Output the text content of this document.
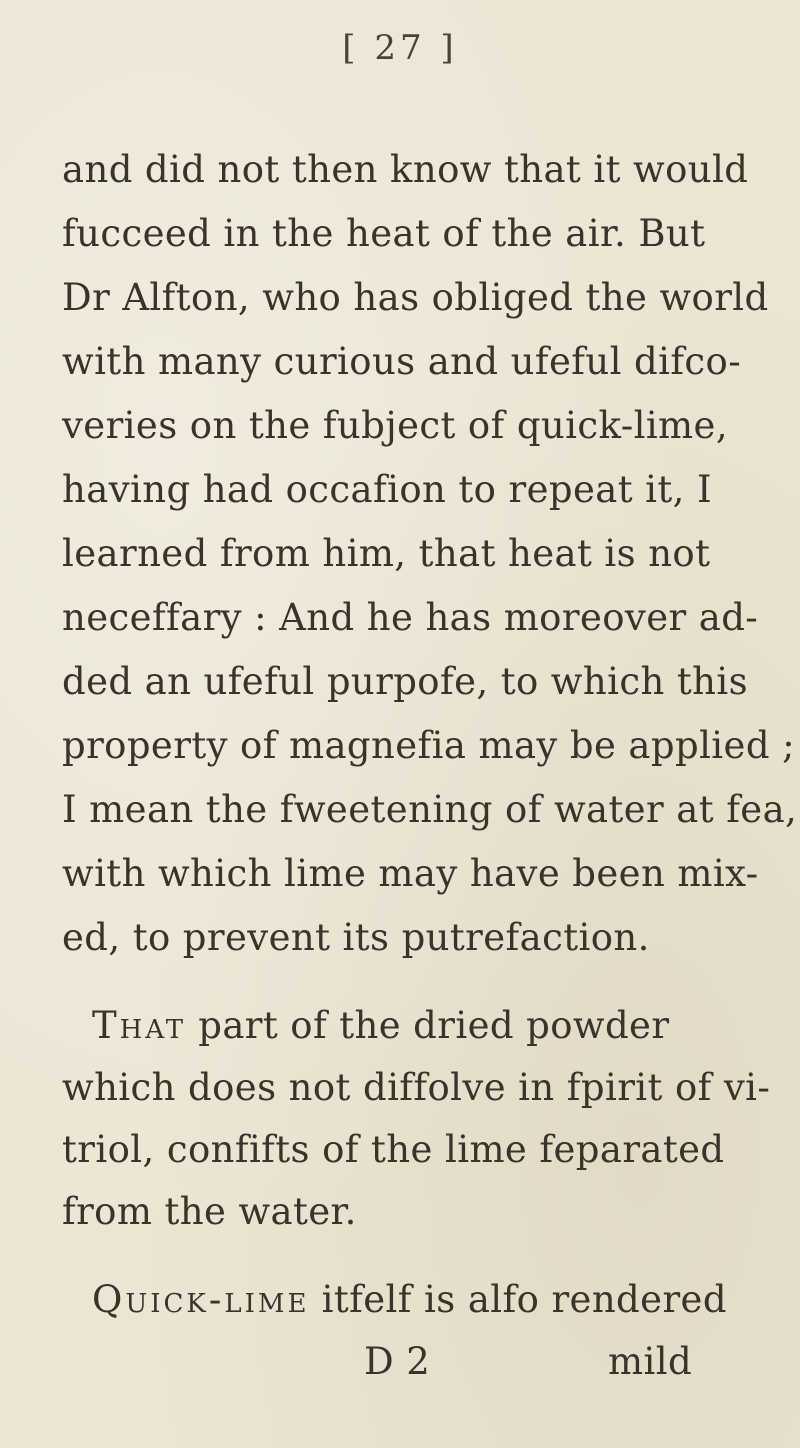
[ 27 ]
and did not then know that it would
fucceed in the heat of the air. But
Dr Alfton, who has obliged the world
with many curious and ufeful difco-
veries on the fubject of quick-lime,
having had occafion to repeat it, I
learned from him, that heat is not
neceffary : And he has moreover ad-
ded an ufeful purpofe, to which this
property of magnefia may be applied ;
I mean the fweetening of water at fea,
with which lime may have been mix-
ed, to prevent its putrefaction.
That part of the dried powder
which does not diffolve in fpirit of vi-
triol, confifts of the lime feparated
from the water.
Quick-lime itfelf is alfo rendered
D 2	mild
